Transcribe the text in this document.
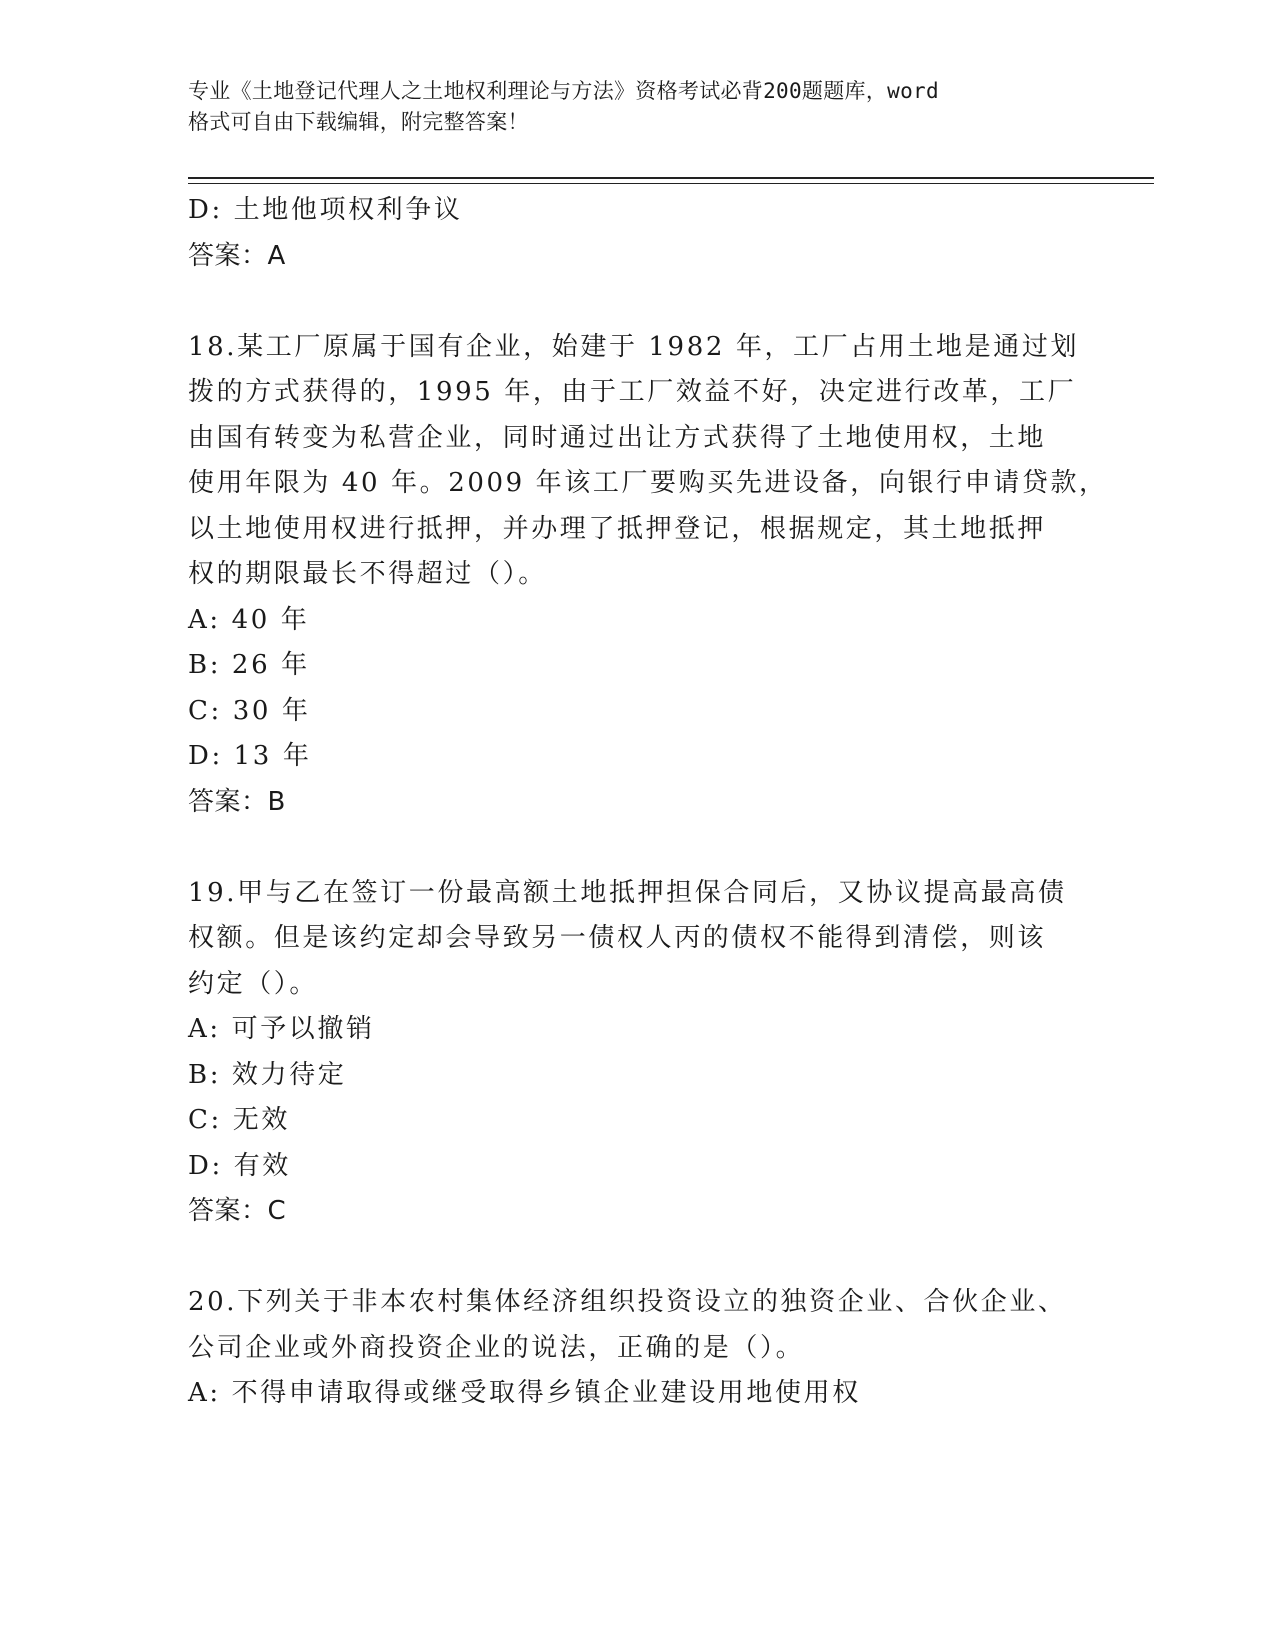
专业《土地登记代理人之土地权利理论与方法》资格考试必背200题题库，word
格式可自由下载编辑，附完整答案！
D: 土地他项权利争议
答案：A
18.某工厂原属于国有企业，始建于 1982 年，工厂占用土地是通过划
拨的方式获得的，1995 年，由于工厂效益不好，决定进行改革，工厂
由国有转变为私营企业，同时通过出让方式获得了土地使用权，土地
使用年限为 40 年。2009 年该工厂要购买先进设备，向银行申请贷款，
以土地使用权进行抵押，并办理了抵押登记，根据规定，其土地抵押
权的期限最长不得超过（）。
A: 40 年
B: 26 年
C: 30 年
D: 13 年
答案：B
19.甲与乙在签订一份最高额土地抵押担保合同后，又协议提高最高债
权额。但是该约定却会导致另一债权人丙的债权不能得到清偿，则该
约定（）。
A: 可予以撤销
B: 效力待定
C: 无效
D: 有效
答案：C
20.下列关于非本农村集体经济组织投资设立的独资企业、合伙企业、
公司企业或外商投资企业的说法，正确的是（）。
A: 不得申请取得或继受取得乡镇企业建设用地使用权
